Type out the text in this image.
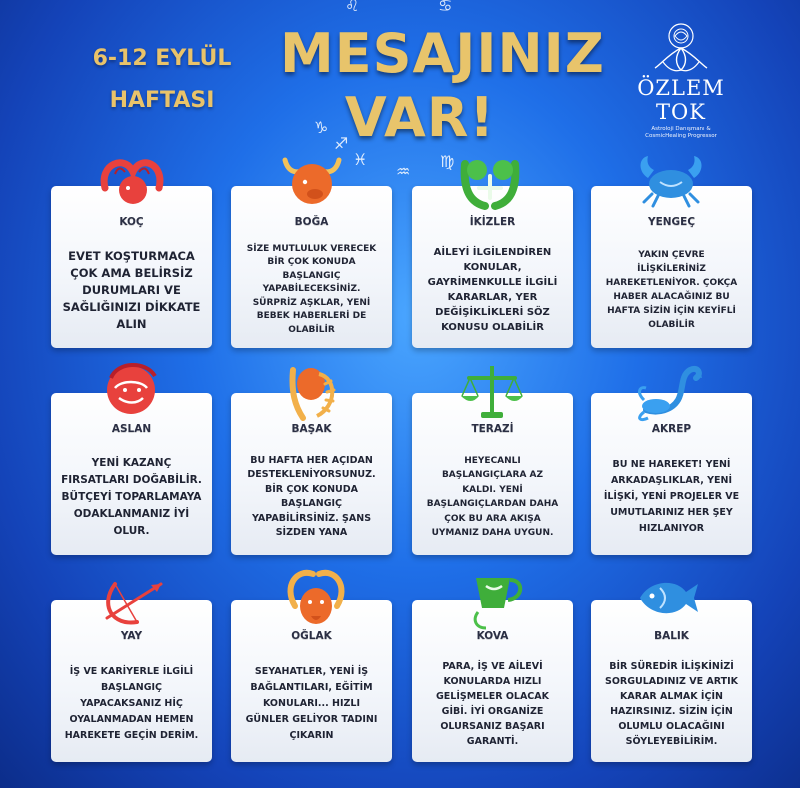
♌	♋
♑
♐
♓
♒
♍
6-12 EYLÜL
HAFTASI
MESAJINIZ
VAR!	ÖZLEM TOK
Astroloji Danışmanı &
CosmicHealing Progressor
KOÇ
EVET KOŞTURMACA
ÇOK AMA BELİRSİZ
DURUMLARI VE
SAĞLIĞINIZI DİKKATE
ALIN
BOĞA
SİZE MUTLULUK VERECEK
BİR ÇOK KONUDA
BAŞLANGIÇ
YAPABİLECEKSİNİZ.
SÜRPRİZ AŞKLAR, YENİ
BEBEK HABERLERİ DE
OLABİLİR
İKİZLER
AİLEYİ İLGİLENDİREN
KONULAR,
GAYRİMENKULLE İLGİLİ
KARARLAR, YER
DEĞİŞİKLİKLERİ SÖZ
KONUSU OLABİLİR
YENGEÇ
YAKIN ÇEVRE
İLİŞKİLERİNİZ
HAREKETLENİYOR. ÇOKÇA
HABER ALACAĞINIZ BU
HAFTA SİZİN İÇİN KEYİFLİ
OLABİLİR
ASLAN
YENİ KAZANÇ
FIRSATLARI DOĞABİLİR.
BÜTÇEYİ TOPARLAMAYA
ODAKLANMANIZ İYİ
OLUR.
BAŞAK
BU HAFTA HER AÇIDAN
DESTEKLENİYORSUNUZ.
BİR ÇOK KONUDA
BAŞLANGIÇ
YAPABİLİRSİNİZ. ŞANS
SİZDEN YANA
TERAZİ
HEYECANLI
BAŞLANGIÇLARA AZ
KALDI. YENİ
BAŞLANGIÇLARDAN DAHA
ÇOK BU ARA AKIŞA
UYMANIZ DAHA UYGUN.
AKREP
BU NE HAREKET! YENİ
ARKADAŞLIKLAR, YENİ
İLİŞKİ, YENİ PROJELER VE
UMUTLARINIZ HER ŞEY
HIZLANIYOR
YAY
İŞ VE KARİYERLE İLGİLİ
BAŞLANGIÇ
YAPACAKSANIZ HİÇ
OYALANMADAN HEMEN
HAREKETE GEÇİN DERİM.
OĞLAK
SEYAHATLER, YENİ İŞ
BAĞLANTILARI, EĞİTİM
KONULARI... HIZLI
GÜNLER GELİYOR TADINI
ÇIKARIN
KOVA
PARA, İŞ VE AİLEVİ
KONULARDA HIZLI
GELİŞMELER OLACAK
GİBİ. İYİ ORGANİZE
OLURSANIZ BAŞARI
GARANTİ.
BALIK
BİR SÜREDİR İLİŞKİNİZİ
SORGULADINIZ VE ARTIK
KARAR ALMAK İÇİN
HAZIRSINIZ. SİZİN İÇİN
OLUMLU OLACAĞINI
SÖYLEYEBİLİRİM.
